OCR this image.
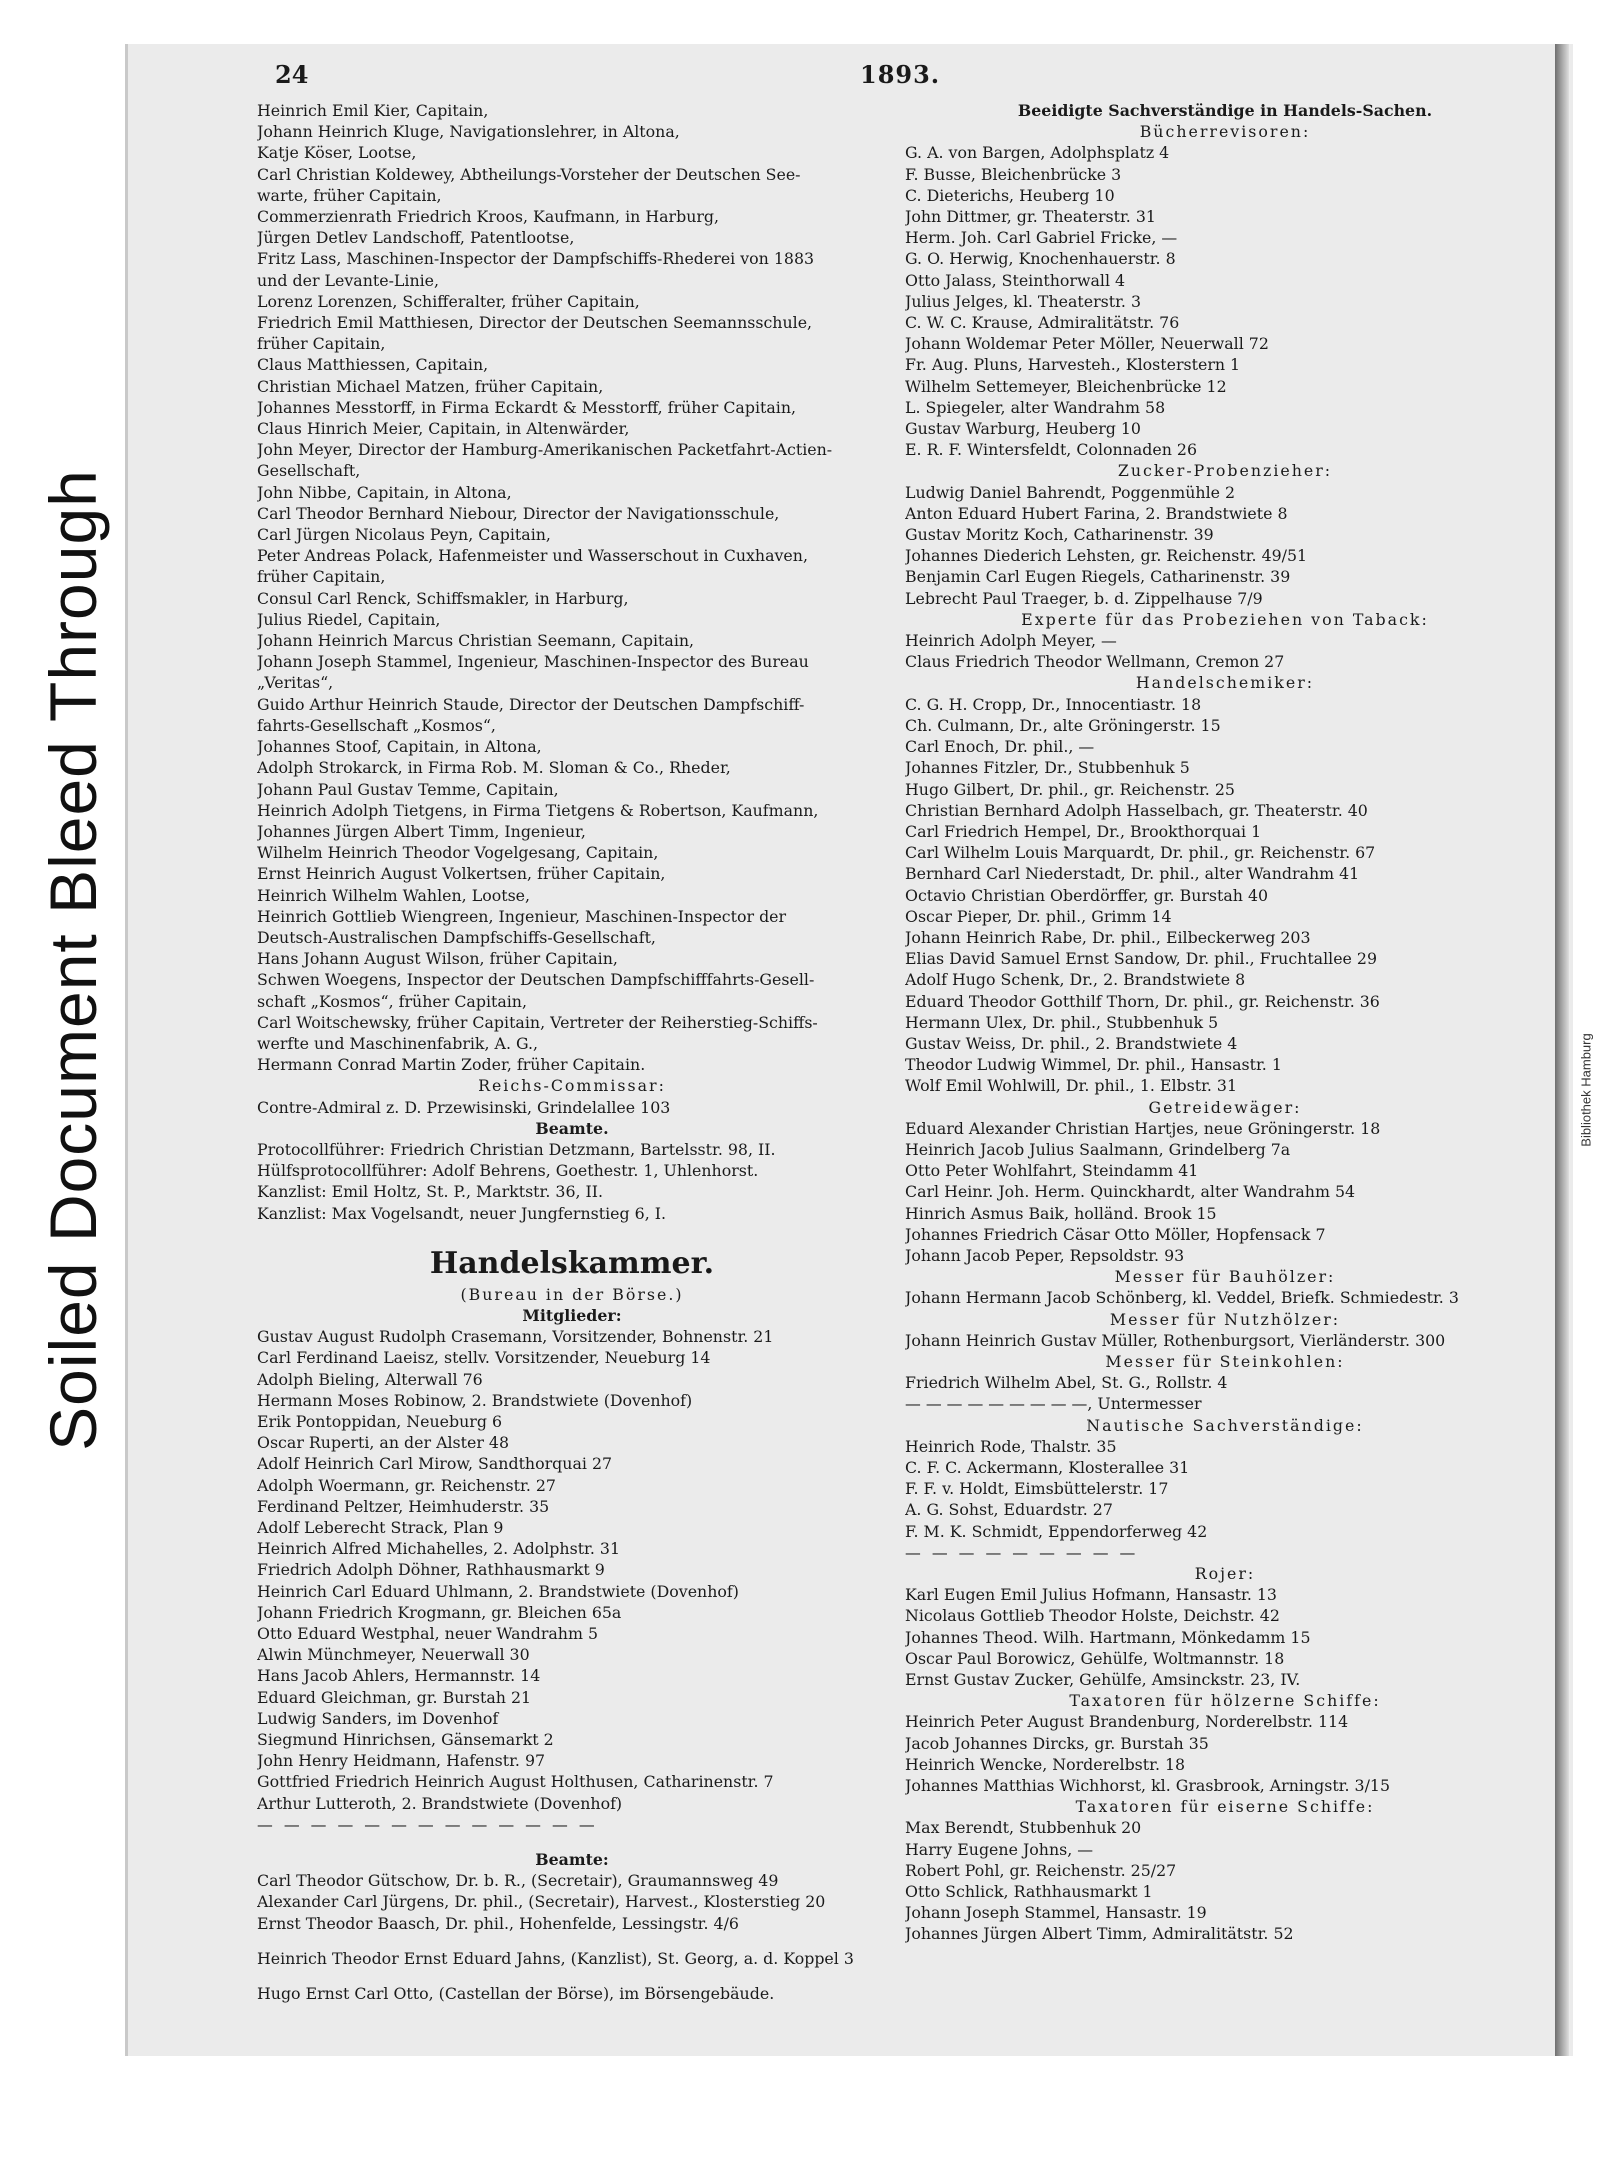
Soiled Document Bleed Through	Bibliothek Hamburg
24	1893.
Heinrich Emil Kier, Capitain,
Johann Heinrich Kluge, Navigationslehrer, in Altona,
Katje Köser, Lootse,
Carl Christian Koldewey, Abtheilungs-Vorsteher der Deutschen See-
warte, früher Capitain,
Commerzienrath Friedrich Kroos, Kaufmann, in Harburg,
Jürgen Detlev Landschoff, Patentlootse,
Fritz Lass, Maschinen-Inspector der Dampfschiffs-Rhederei von 1883
und der Levante-Linie,
Lorenz Lorenzen, Schifferalter, früher Capitain,
Friedrich Emil Matthiesen, Director der Deutschen Seemannsschule,
früher Capitain,
Claus Matthiessen, Capitain,
Christian Michael Matzen, früher Capitain,
Johannes Messtorff, in Firma Eckardt & Messtorff, früher Capitain,
Claus Hinrich Meier, Capitain, in Altenwärder,
John Meyer, Director der Hamburg-Amerikanischen Packetfahrt-Actien-
Gesellschaft,
John Nibbe, Capitain, in Altona,
Carl Theodor Bernhard Niebour, Director der Navigationsschule,
Carl Jürgen Nicolaus Peyn, Capitain,
Peter Andreas Polack, Hafenmeister und Wasserschout in Cuxhaven,
früher Capitain,
Consul Carl Renck, Schiffsmakler, in Harburg,
Julius Riedel, Capitain,
Johann Heinrich Marcus Christian Seemann, Capitain,
Johann Joseph Stammel, Ingenieur, Maschinen-Inspector des Bureau
„Veritas“,
Guido Arthur Heinrich Staude, Director der Deutschen Dampfschiff-
fahrts-Gesellschaft „Kosmos“,
Johannes Stoof, Capitain, in Altona,
Adolph Strokarck, in Firma Rob. M. Sloman & Co., Rheder,
Johann Paul Gustav Temme, Capitain,
Heinrich Adolph Tietgens, in Firma Tietgens & Robertson, Kaufmann,
Johannes Jürgen Albert Timm, Ingenieur,
Wilhelm Heinrich Theodor Vogelgesang, Capitain,
Ernst Heinrich August Volkertsen, früher Capitain,
Heinrich Wilhelm Wahlen, Lootse,
Heinrich Gottlieb Wiengreen, Ingenieur, Maschinen-Inspector der
Deutsch-Australischen Dampfschiffs-Gesellschaft,
Hans Johann August Wilson, früher Capitain,
Schwen Woegens, Inspector der Deutschen Dampfschifffahrts-Gesell-
schaft „Kosmos“, früher Capitain,
Carl Woitschewsky, früher Capitain, Vertreter der Reiherstieg-Schiffs-
werfte und Maschinenfabrik, A. G.,
Hermann Conrad Martin Zoder, früher Capitain.
Reichs-Commissar:
Contre-Admiral z. D. Przewisinski, Grindelallee 103
Beamte.
Protocollführer: Friedrich Christian Detzmann, Bartelsstr. 98, II.
Hülfsprotocollführer: Adolf Behrens, Goethestr. 1, Uhlenhorst.
Kanzlist: Emil Holtz, St. P., Marktstr. 36, II.
Kanzlist: Max Vogelsandt, neuer Jungfernstieg 6, I.
Handelskammer.
(Bureau in der Börse.)
Mitglieder:
Gustav August Rudolph Crasemann, Vorsitzender, Bohnenstr. 21
Carl Ferdinand Laeisz, stellv. Vorsitzender, Neueburg 14
Adolph Bieling, Alterwall 76
Hermann Moses Robinow, 2. Brandstwiete (Dovenhof)
Erik Pontoppidan, Neueburg 6
Oscar Ruperti, an der Alster 48
Adolf Heinrich Carl Mirow, Sandthorquai 27
Adolph Woermann, gr. Reichenstr. 27
Ferdinand Peltzer, Heimhuderstr. 35
Adolf Leberecht Strack, Plan 9
Heinrich Alfred Michahelles, 2. Adolphstr. 31
Friedrich Adolph Döhner, Rathhausmarkt 9
Heinrich Carl Eduard Uhlmann, 2. Brandstwiete (Dovenhof)
Johann Friedrich Krogmann, gr. Bleichen 65a
Otto Eduard Westphal, neuer Wandrahm 5
Alwin Münchmeyer, Neuerwall 30
Hans Jacob Ahlers, Hermannstr. 14
Eduard Gleichman, gr. Burstah 21
Ludwig Sanders, im Dovenhof
Siegmund Hinrichsen, Gänsemarkt 2
John Henry Heidmann, Hafenstr. 97
Gottfried Friedrich Heinrich August Holthusen, Catharinenstr. 7
Arthur Lutteroth, 2. Brandstwiete (Dovenhof)
— — — — — — — — — — — — —
Beamte:
Carl Theodor Gütschow, Dr. b. R., (Secretair), Graumannsweg 49
Alexander Carl Jürgens, Dr. phil., (Secretair), Harvest., Klosterstieg 20
Ernst Theodor Baasch, Dr. phil., Hohenfelde, Lessingstr. 4/6
Heinrich Theodor Ernst Eduard Jahns, (Kanzlist), St. Georg, a. d. Koppel 3
Hugo Ernst Carl Otto, (Castellan der Börse), im Börsengebäude.
Beeidigte Sachverständige in Handels-Sachen.
Bücherrevisoren:
G. A. von Bargen, Adolphsplatz 4
F. Busse, Bleichenbrücke 3
C. Dieterichs, Heuberg 10
John Dittmer, gr. Theaterstr. 31
Herm. Joh. Carl Gabriel Fricke, —
G. O. Herwig, Knochenhauerstr. 8
Otto Jalass, Steinthorwall 4
Julius Jelges, kl. Theaterstr. 3
C. W. C. Krause, Admiralitätstr. 76
Johann Woldemar Peter Möller, Neuerwall 72
Fr. Aug. Pluns, Harvesteh., Klosterstern 1
Wilhelm Settemeyer, Bleichenbrücke 12
L. Spiegeler, alter Wandrahm 58
Gustav Warburg, Heuberg 10
E. R. F. Wintersfeldt, Colonnaden 26
Zucker-Probenzieher:
Ludwig Daniel Bahrendt, Poggenmühle 2
Anton Eduard Hubert Farina, 2. Brandstwiete 8
Gustav Moritz Koch, Catharinenstr. 39
Johannes Diederich Lehsten, gr. Reichenstr. 49/51
Benjamin Carl Eugen Riegels, Catharinenstr. 39
Lebrecht Paul Traeger, b. d. Zippelhause 7/9
Experte für das Probeziehen von Taback:
Heinrich Adolph Meyer, —
Claus Friedrich Theodor Wellmann, Cremon 27
Handelschemiker:
C. G. H. Cropp, Dr., Innocentiastr. 18
Ch. Culmann, Dr., alte Gröningerstr. 15
Carl Enoch, Dr. phil., —
Johannes Fitzler, Dr., Stubbenhuk 5
Hugo Gilbert, Dr. phil., gr. Reichenstr. 25
Christian Bernhard Adolph Hasselbach, gr. Theaterstr. 40
Carl Friedrich Hempel, Dr., Brookthorquai 1
Carl Wilhelm Louis Marquardt, Dr. phil., gr. Reichenstr. 67
Bernhard Carl Niederstadt, Dr. phil., alter Wandrahm 41
Octavio Christian Oberdörffer, gr. Burstah 40
Oscar Pieper, Dr. phil., Grimm 14
Johann Heinrich Rabe, Dr. phil., Eilbeckerweg 203
Elias David Samuel Ernst Sandow, Dr. phil., Fruchtallee 29
Adolf Hugo Schenk, Dr., 2. Brandstwiete 8
Eduard Theodor Gotthilf Thorn, Dr. phil., gr. Reichenstr. 36
Hermann Ulex, Dr. phil., Stubbenhuk 5
Gustav Weiss, Dr. phil., 2. Brandstwiete 4
Theodor Ludwig Wimmel, Dr. phil., Hansastr. 1
Wolf Emil Wohlwill, Dr. phil., 1. Elbstr. 31
Getreidewäger:
Eduard Alexander Christian Hartjes, neue Gröningerstr. 18
Heinrich Jacob Julius Saalmann, Grindelberg 7a
Otto Peter Wohlfahrt, Steindamm 41
Carl Heinr. Joh. Herm. Quinckhardt, alter Wandrahm 54
Hinrich Asmus Baik, holländ. Brook 15
Johannes Friedrich Cäsar Otto Möller, Hopfensack 7
Johann Jacob Peper, Repsoldstr. 93
Messer für Bauhölzer:
Johann Hermann Jacob Schönberg, kl. Veddel, Briefk. Schmiedestr. 3
Messer für Nutzhölzer:
Johann Heinrich Gustav Müller, Rothenburgsort, Vierländerstr. 300
Messer für Steinkohlen:
Friedrich Wilhelm Abel, St. G., Rollstr. 4
— — — — — — — — —, Untermesser
Nautische Sachverständige:
Heinrich Rode, Thalstr. 35
C. F. C. Ackermann, Klosterallee 31
F. F. v. Holdt, Eimsbüttelerstr. 17
A. G. Sohst, Eduardstr. 27
F. M. K. Schmidt, Eppendorferweg 42
— — — — — — — — —
Rojer:
Karl Eugen Emil Julius Hofmann, Hansastr. 13
Nicolaus Gottlieb Theodor Holste, Deichstr. 42
Johannes Theod. Wilh. Hartmann, Mönkedamm 15
Oscar Paul Borowicz, Gehülfe, Woltmannstr. 18
Ernst Gustav Zucker, Gehülfe, Amsinckstr. 23, IV.
Taxatoren für hölzerne Schiffe:
Heinrich Peter August Brandenburg, Norderelbstr. 114
Jacob Johannes Dircks, gr. Burstah 35
Heinrich Wencke, Norderelbstr. 18
Johannes Matthias Wichhorst, kl. Grasbrook, Arningstr. 3/15
Taxatoren für eiserne Schiffe:
Max Berendt, Stubbenhuk 20
Harry Eugene Johns, —
Robert Pohl, gr. Reichenstr. 25/27
Otto Schlick, Rathhausmarkt 1
Johann Joseph Stammel, Hansastr. 19
Johannes Jürgen Albert Timm, Admiralitätstr. 52
